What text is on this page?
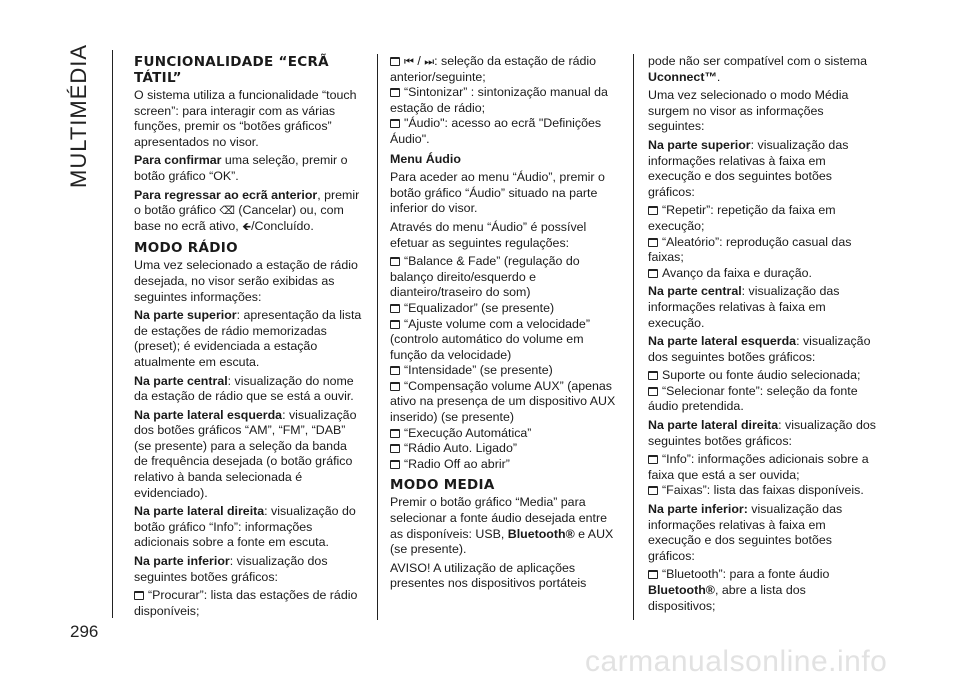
MULTIMÉDIA	FUNCIONALIDADE “ECRÃ TÁTIL”

O sistema utiliza a funcionalidade “touch screen”: para interagir com as várias funções, premir os “botões gráficos” apresentados no visor.

Para confirmar uma seleção, premir o botão gráfico “OK”.

Para regressar ao ecrã anterior, premir o botão gráfico ⌫ (Cancelar) ou, com base no ecrã ativo, 🡸/Concluído.

MODO RÁDIO

Uma vez selecionado a estação de rádio desejada, no visor serão exibidas as seguintes informações:

Na parte superior: apresentação da lista de estações de rádio memorizadas (preset); é evidenciada a estação atualmente em escuta.

Na parte central: visualização do nome da estação de rádio que se está a ouvir.

Na parte lateral esquerda: visualização dos botões gráficos “AM”, “FM”, “DAB” (se presente) para a seleção da banda de frequência desejada (o botão gráfico relativo à banda selecionada é evidenciado).

Na parte lateral direita: visualização do botão gráfico “Info”: informações adicionais sobre a fonte em escuta.

Na parte inferior: visualização dos seguintes botões gráficos:

“Procurar”: lista das estações de rádio disponíveis;

⏮ / ⏭: seleção da estação de rádio anterior/seguinte;

“Sintonizar” : sintonização manual da estação de rádio;

"Áudio": acesso ao ecrã "Definições Áudio".

Menu Áudio

Para aceder ao menu “Áudio”, premir o botão gráfico “Áudio” situado na parte inferior do visor.

Através do menu “Áudio” é possível efetuar as seguintes regulações:

“Balance & Fade” (regulação do balanço direito/esquerdo e dianteiro/traseiro do som)

“Equalizador” (se presente)

“Ajuste volume com a velocidade” (controlo automático do volume em função da velocidade)

“Intensidade” (se presente)

“Compensação volume AUX” (apenas ativo na presença de um dispositivo AUX inserido) (se presente)

“Execução Automática”

“Rádio Auto. Ligado”

“Radio Off ao abrir”

MODO MEDIA

Premir o botão gráfico “Media” para selecionar a fonte áudio desejada entre as disponíveis: USB, Bluetooth® e AUX (se presente).

AVISO! A utilização de aplicações presentes nos dispositivos portáteis

pode não ser compatível com o sistema Uconnect™.

Uma vez selecionado o modo Média surgem no visor as informações seguintes:

Na parte superior: visualização das informações relativas à faixa em execução e dos seguintes botões gráficos:

“Repetir”: repetição da faixa em execução;

“Aleatório”: reprodução casual das faixas;

Avanço da faixa e duração.

Na parte central: visualização das informações relativas à faixa em execução.

Na parte lateral esquerda: visualização dos seguintes botões gráficos:

Suporte ou fonte áudio selecionada;

“Selecionar fonte”: seleção da fonte áudio pretendida.

Na parte lateral direita: visualização dos seguintes botões gráficos:

“Info”: informações adicionais sobre a faixa que está a ser ouvida;

“Faixas”: lista das faixas disponíveis.

Na parte inferior: visualização das informações relativas à faixa em execução e dos seguintes botões gráficos:

“Bluetooth”: para a fonte áudio Bluetooth®, abre a lista dos dispositivos;

296
carmanualsonline.info
